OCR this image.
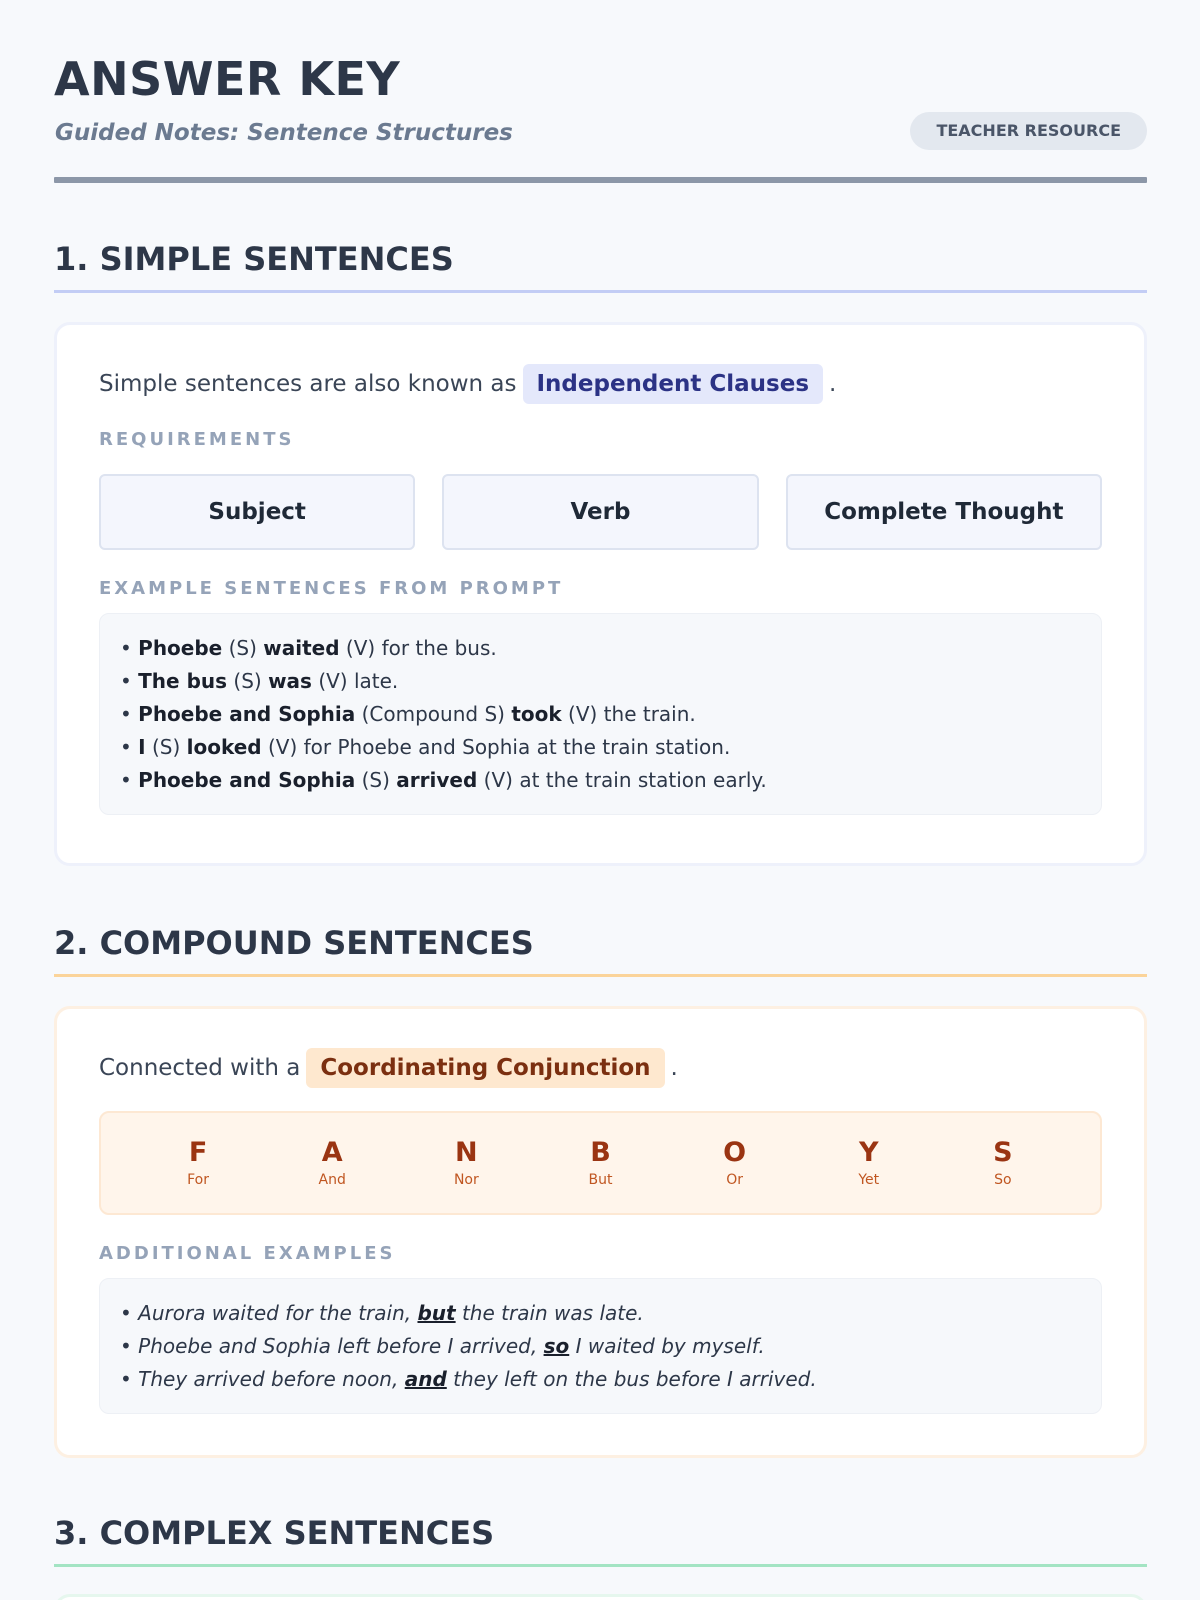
ANSWER KEY
Guided Notes: Sentence Structures	TEACHER RESOURCE
1. SIMPLE SENTENCES
Simple sentences are also known as Independent Clauses .
REQUIREMENTS
Subject	Verb	Complete Thought
EXAMPLE SENTENCES FROM PROMPT
• Phoebe (S) waited (V) for the bus.
• The bus (S) was (V) late.
• Phoebe and Sophia (Compound S) took (V) the train.
• I (S) looked (V) for Phoebe and Sophia at the train station.
• Phoebe and Sophia (S) arrived (V) at the train station early.
2. COMPOUND SENTENCES
Connected with a Coordinating Conjunction .
F
For
A
And
N
Nor
B
But
O
Or
Y
Yet
S
So
ADDITIONAL EXAMPLES
• Aurora waited for the train, but the train was late.
• Phoebe and Sophia left before I arrived, so I waited by myself.
• They arrived before noon, and they left on the bus before I arrived.
3. COMPLEX SENTENCES
